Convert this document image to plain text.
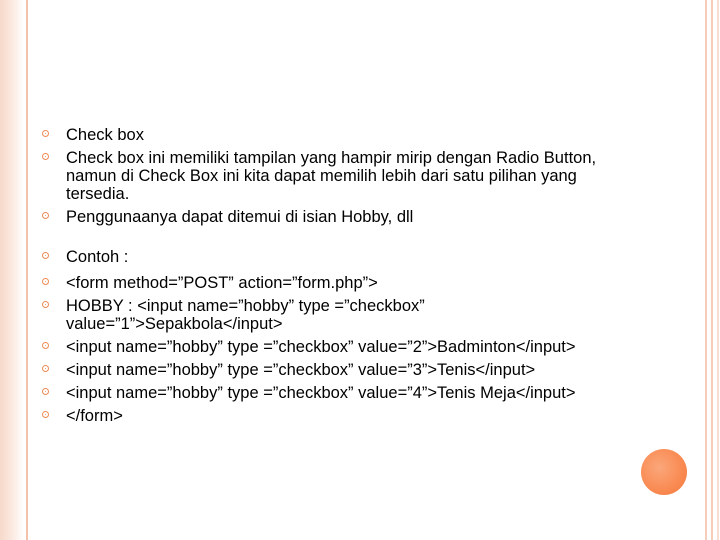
Check box
Check box ini memiliki tampilan yang hampir mirip dengan Radio Button, namun di Check Box ini kita dapat memilih lebih dari satu pilihan yang tersedia.
Penggunaanya dapat ditemui di isian Hobby, dll
Contoh :
<form method=”POST” action=”form.php”>
HOBBY : <input name=”hobby” type =”checkbox” value=”1”>Sepakbola</input>
<input name=”hobby” type =”checkbox” value=”2”>Badminton</input>
<input name=”hobby” type =”checkbox” value=”3”>Tenis</input>
<input name=”hobby” type =”checkbox” value=”4”>Tenis Meja</input>
</form>
